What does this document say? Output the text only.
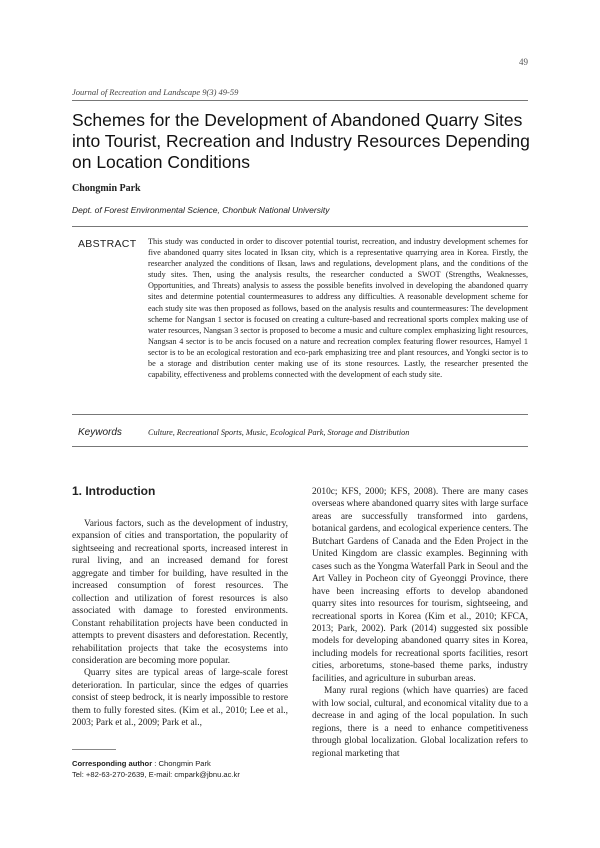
49
Journal of Recreation and Landscape 9(3) 49-59
Schemes for the Development of Abandoned Quarry Sites into Tourist, Recreation and Industry Resources Depending on Location Conditions
Chongmin Park
Dept. of Forest Environmental Science, Chonbuk National University
ABSTRACT This study was conducted in order to discover potential tourist, recreation, and industry development schemes for five abandoned quarry sites located in Iksan city, which is a representative quarrying area in Korea. Firstly, the researcher analyzed the conditions of Iksan, laws and regulations, development plans, and the conditions of the study sites. Then, using the analysis results, the researcher conducted a SWOT (Strengths, Weaknesses, Opportunities, and Threats) analysis to assess the possible benefits involved in developing the abandoned quarry sites and determine potential countermeasures to address any difficulties. A reasonable development scheme for each study site was then proposed as follows, based on the analysis results and countermeasures: The development scheme for Nangsan 1 sector is focused on creating a culture-based and recreational sports complex making use of water resources, Nangsan 3 sector is proposed to become a music and culture complex emphasizing light resources, Nangsan 4 sector is to be ancis focused on a nature and recreation complex featuring flower resources, Hamyel 1 sector is to be an ecological restoration and eco-park emphasizing tree and plant resources, and Yongki sector is to be a storage and distribution center making use of its stone resources. Lastly, the researcher presented the capability, effectiveness and problems connected with the development of each study site.
Keywords	Culture, Recreational Sports, Music, Ecological Park, Storage and Distribution
1. Introduction

Various factors, such as the development of industry, expansion of cities and transportation, the popularity of sightseeing and recreational sports, increased interest in rural living, and an increased demand for forest aggregate and timber for building, have resulted in the increased consumption of forest resources. The collection and utilization of forest resources is also associated with damage to forested environments. Constant rehabilitation projects have been conducted in attempts to prevent disasters and deforestation. Recently, rehabilitation projects that take the ecosystems into consideration are becoming more popular.

Quarry sites are typical areas of large-scale forest deterioration. In particular, since the edges of quarries consist of steep bedrock, it is nearly impossible to restore them to fully forested sites. (Kim et al., 2010; Lee et al., 2003; Park et al., 2009; Park et al.,

2010c; KFS, 2000; KFS, 2008). There are many cases overseas where abandoned quarry sites with large surface areas are successfully transformed into gardens, botanical gardens, and ecological experience centers. The Butchart Gardens of Canada and the Eden Project in the United Kingdom are classic examples. Beginning with cases such as the Yongma Waterfall Park in Seoul and the Art Valley in Pocheon city of Gyeonggi Province, there have been increasing efforts to develop abandoned quarry sites into resources for tourism, sightseeing, and recreational sports in Korea (Kim et al., 2010; KFCA, 2013; Park, 2002). Park (2014) suggested six possible models for developing abandoned quarry sites in Korea, including models for recreational sports facilities, resort cities, arboretums, stone-based theme parks, industry facilities, and agriculture in suburban areas.

Many rural regions (which have quarries) are faced with low social, cultural, and economical vitality due to a decrease in and aging of the local population. In such regions, there is a need to enhance competitiveness through global localization. Global localization refers to regional marketing that

Corresponding author : Chongmin Park
Tel: +82-63-270-2639, E-mail: cmpark@jbnu.ac.kr
